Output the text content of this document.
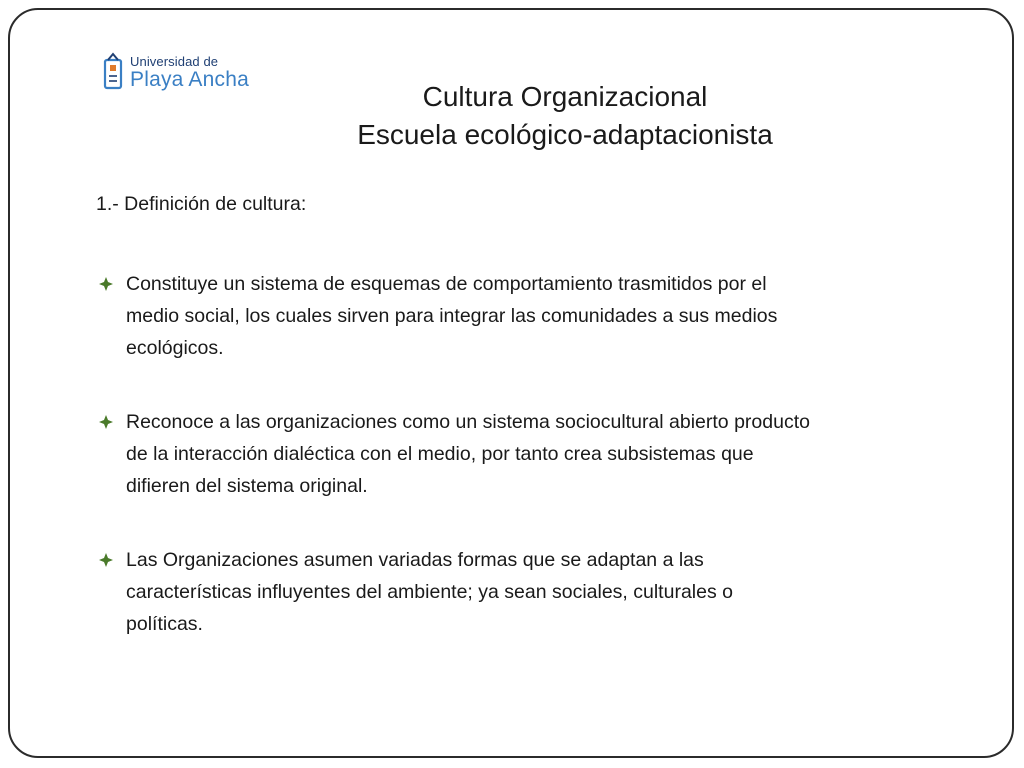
Universidad de
Playa Ancha
Cultura Organizacional
Escuela ecológico-adaptacionista
1.- Definición de cultura:
Constituye un sistema de esquemas de comportamiento trasmitidos por el
medio social, los cuales sirven para integrar las comunidades a sus medios
ecológicos.
Reconoce a las organizaciones como un sistema sociocultural abierto producto
de la interacción dialéctica con el medio, por tanto crea subsistemas que
difieren del sistema original.
Las Organizaciones asumen variadas formas que se adaptan a las
características influyentes del ambiente; ya sean sociales, culturales o
políticas.
